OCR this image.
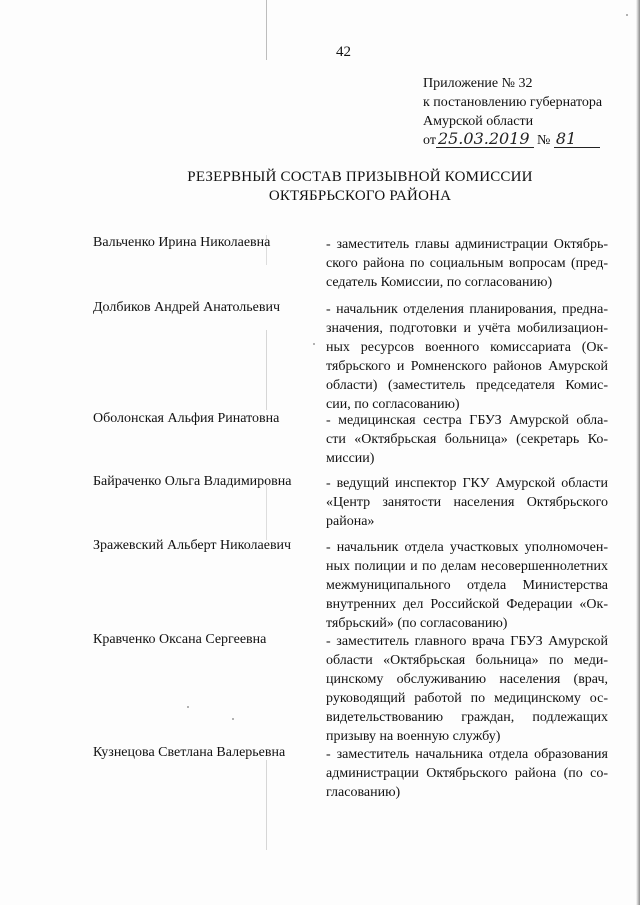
42
Приложение № 32
к постановлению губернатора
Амурской области
от 25.03.2019 № 81
РЕЗЕРВНЫЙ СОСТАВ ПРИЗЫВНОЙ КОМИССИИ
ОКТЯБРЬСКОГО РАЙОНА
Вальченко Ирина Николаевна	- заместитель главы администрации Октябрь-
ского района по социальным вопросам (пред-
седатель Комиссии, по согласованию)
Долбиков Андрей Анатольевич	- начальник отделения планирования, предна-
значения, подготовки и учёта мобилизацион-
ных ресурсов военного комиссариата (Ок-
тябрьского и Ромненского районов Амурской
области) (заместитель председателя Комис-
сии, по согласованию)
Оболонская Альфия Ринатовна	- медицинская сестра ГБУЗ Амурской обла-
сти «Октябрьская больница» (секретарь Ко-
миссии)
Байраченко Ольга Владимировна - ведущий инспектор ГКУ Амурской области
«Центр занятости населения Октябрьского
района»
Зражевский Альберт Николаевич - начальник отдела участковых уполномочен-
ных полиции и по делам несовершеннолетних
межмуниципального отдела Министерства
внутренних дел Российской Федерации «Ок-
тябрьский» (по согласованию)
Кравченко Оксана Сергеевна	- заместитель главного врача ГБУЗ Амурской
области «Октябрьская больница» по меди-
цинскому обслуживанию населения (врач,
руководящий работой по медицинскому ос-
видетельствованию граждан, подлежащих
призыву на военную службу)
Кузнецова Светлана Валерьевна	- заместитель начальника отдела образования
администрации Октябрьского района (по со-
гласованию)
